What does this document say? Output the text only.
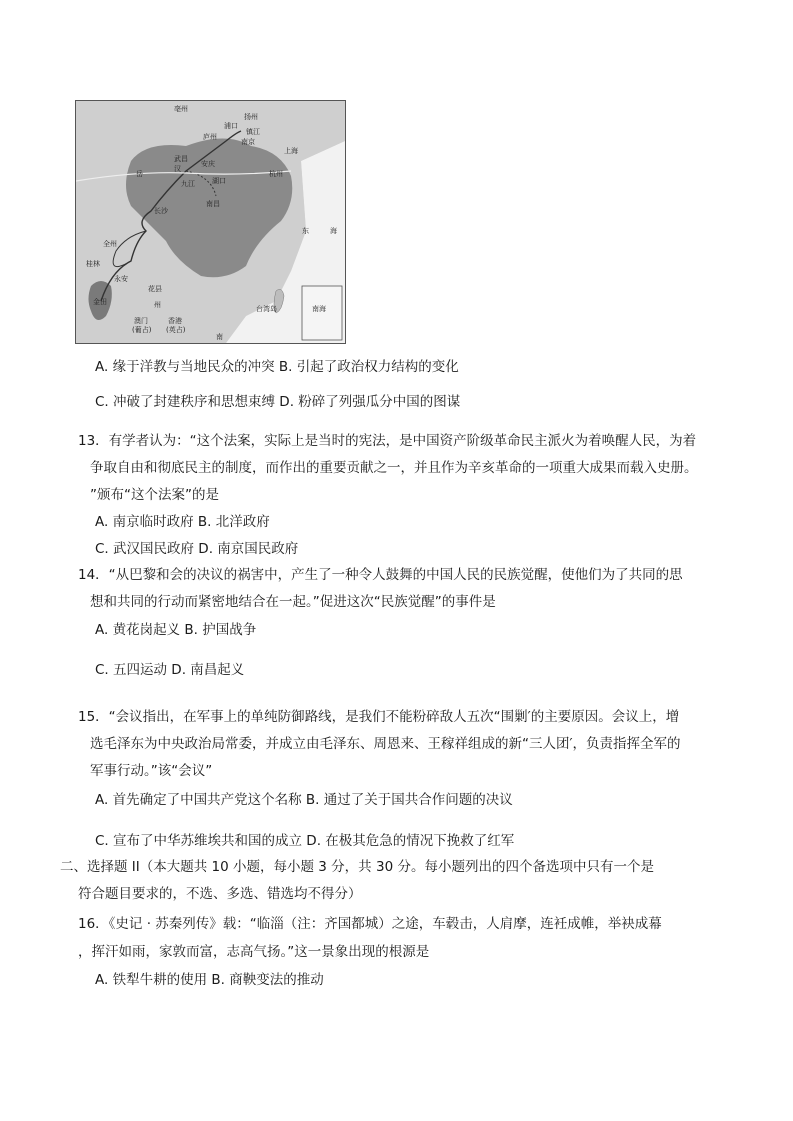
亳州
扬州
浦口
镇江
庐州
南京
上海
武昌
安庆
杭州
九江 湖口
南昌
长沙
汉
岳
全州
桂林
永安
金田
花县
州
澳门
(葡占)
香港
(英占)
台湾岛
东	海
南
南海
A. 缘于洋教与当地民众的冲突 B. 引起了政治权力结构的变化
C. 冲破了封建秩序和思想束缚 D. 粉碎了列强瓜分中国的图谋
13．有学者认为：“这个法案，实际上是当时的宪法，是中国资产阶级革命民主派火为着唤醒人民，为着
争取自由和彻底民主的制度，而作出的重要贡献之一，并且作为辛亥革命的一项重大成果而载入史册。
”颁布“这个法案”的是
A. 南京临时政府 B. 北洋政府
C. 武汉国民政府 D. 南京国民政府
14．“从巴黎和会的决议的祸害中，产生了一种令人鼓舞的中国人民的民族觉醒，使他们为了共同的思
想和共同的行动而紧密地结合在一起。”促进这次“民族觉醒”的事件是
A. 黄花岗起义 B. 护国战争
C. 五四运动 D. 南昌起义
15．“会议指出，在军事上的单纯防御路线，是我们不能粉碎敌人五次“围剿′的主要原因。会议上，增
选毛泽东为中央政治局常委，并成立由毛泽东、周恩来、王稼祥组成的新“三人团′，负责指挥全军的
军事行动。”该“会议”
A. 首先确定了中国共产党这个名称 B. 通过了关于国共合作问题的决议
C. 宣布了中华苏维埃共和国的成立 D. 在极其危急的情况下挽救了红军
二、选择题 II（本大题共 10 小题，每小题 3 分，共 30 分。每小题列出的四个备选项中只有一个是
符合题目要求的，不选、多选、错选均不得分）
16．《史记 · 苏秦列传》载：“临淄（注：齐国都城）之途，车毂击，人肩摩，连衽成帷，举袂成幕
，挥汗如雨，家敦而富，志高气扬。”这一景象出现的根源是
A. 铁犁牛耕的使用 B. 商鞅变法的推动
